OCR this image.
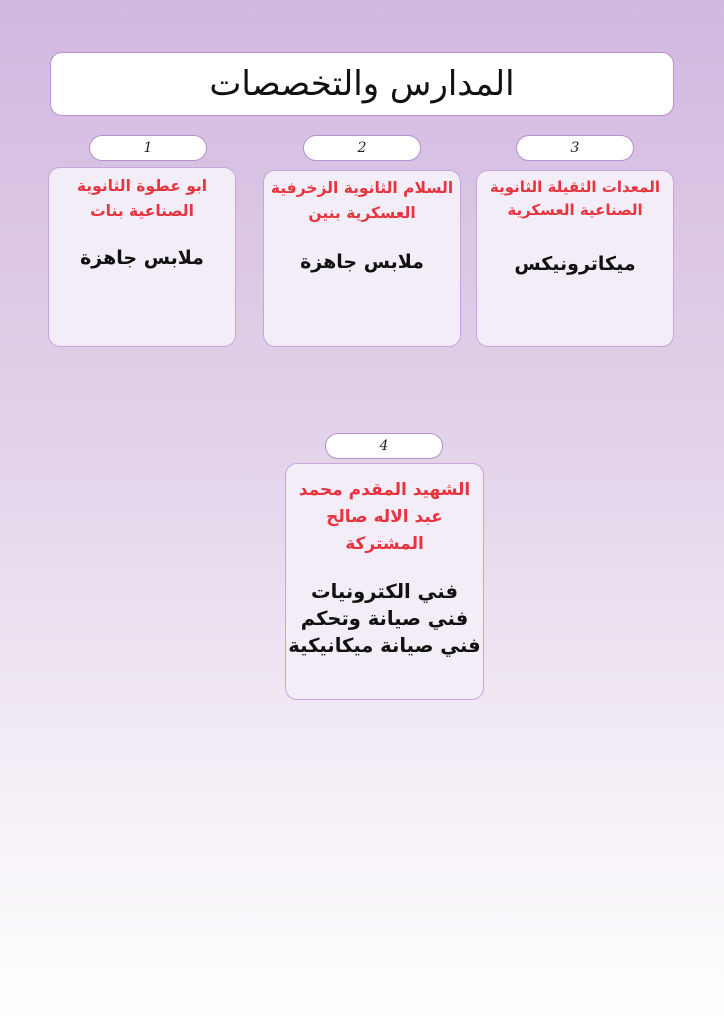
المدارس والتخصصات
1

ابو عطوة الثانوية

الصناعية بنات

ملابس جاهزة

2

السلام الثانوية الزخرفية

العسكرية بنين

ملابس جاهزة

3

المعدات الثقيلة الثانوية

الصناعية العسكرية

ميكاترونيكس

4

الشهيد المقدم محمد

عبد الاله صالح

المشتركة

فني الكترونيات

فني صيانة وتحكم

فني صيانة ميكانيكية
